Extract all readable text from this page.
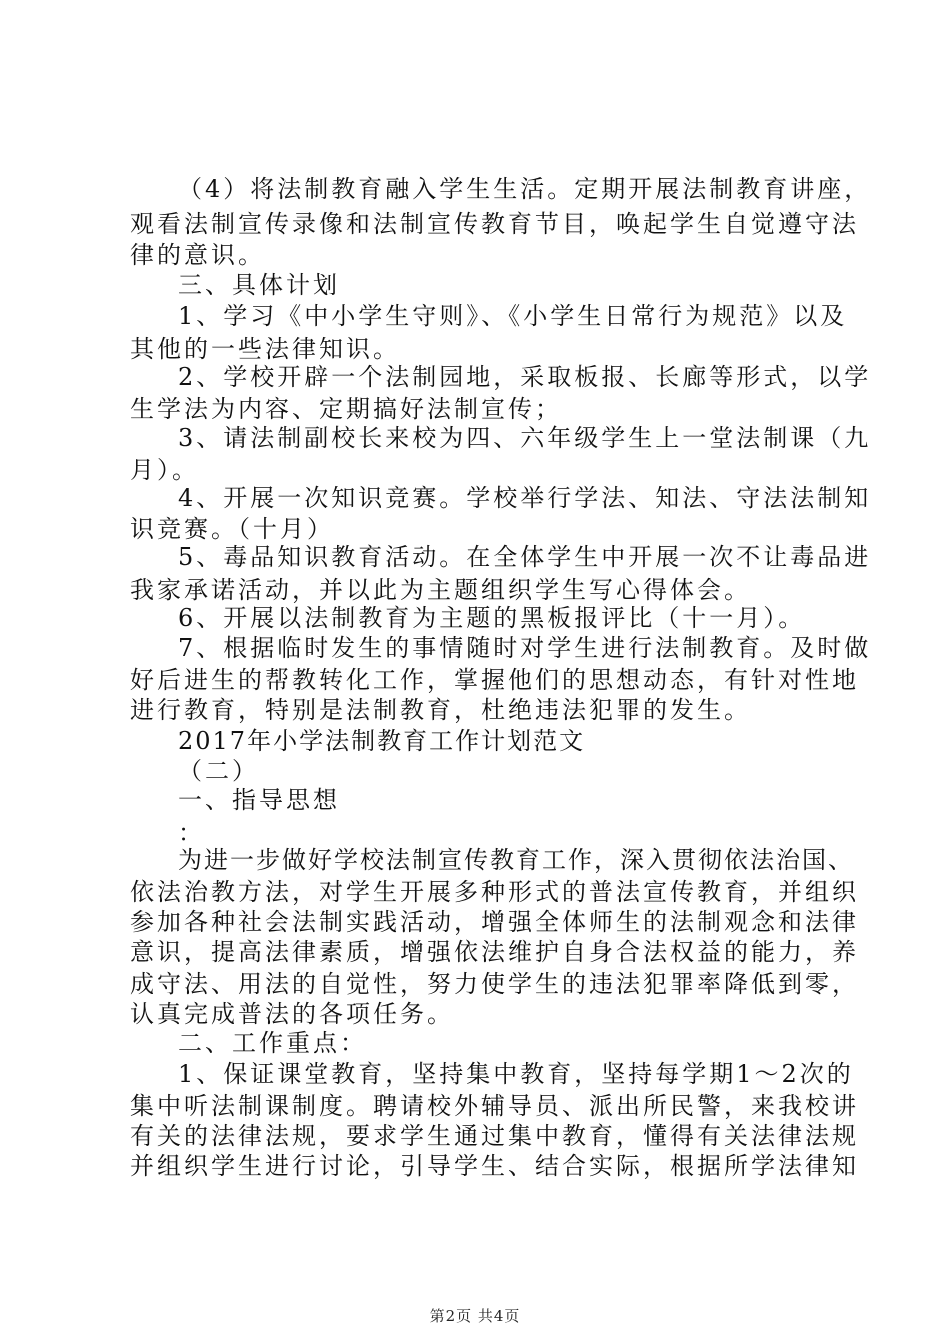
（4）将法制教育融入学生生活。定期开展法制教育讲座，
观看法制宣传录像和法制宣传教育节目，唤起学生自觉遵守法
律的意识。
三、具体计划
1、学习《中小学生守则》、《小学生日常行为规范》以及
其他的一些法律知识。
2、学校开辟一个法制园地，采取板报、长廊等形式，以学
生学法为内容、定期搞好法制宣传；
3、请法制副校长来校为四、六年级学生上一堂法制课（九
月）。
4、开展一次知识竞赛。学校举行学法、知法、守法法制知
识竞赛。（十月）
5、毒品知识教育活动。在全体学生中开展一次不让毒品进
我家承诺活动，并以此为主题组织学生写心得体会。
6、开展以法制教育为主题的黑板报评比（十一月）。
7、根据临时发生的事情随时对学生进行法制教育。及时做
好后进生的帮教转化工作，掌握他们的思想动态，有针对性地
进行教育，特别是法制教育，杜绝违法犯罪的发生。
2017年小学法制教育工作计划范文
（二）
一、指导思想
：
为进一步做好学校法制宣传教育工作，深入贯彻依法治国、
依法治教方法，对学生开展多种形式的普法宣传教育，并组织
参加各种社会法制实践活动，增强全体师生的法制观念和法律
意识，提高法律素质，增强依法维护自身合法权益的能力，养
成守法、用法的自觉性，努力使学生的违法犯罪率降低到零，
认真完成普法的各项任务。
二、工作重点：
1、保证课堂教育，坚持集中教育，坚持每学期1～2次的
集中听法制课制度。聘请校外辅导员、派出所民警，来我校讲
有关的法律法规，要求学生通过集中教育，懂得有关法律法规
并组织学生进行讨论，引导学生、结合实际，根据所学法律知
第2页 共4页
